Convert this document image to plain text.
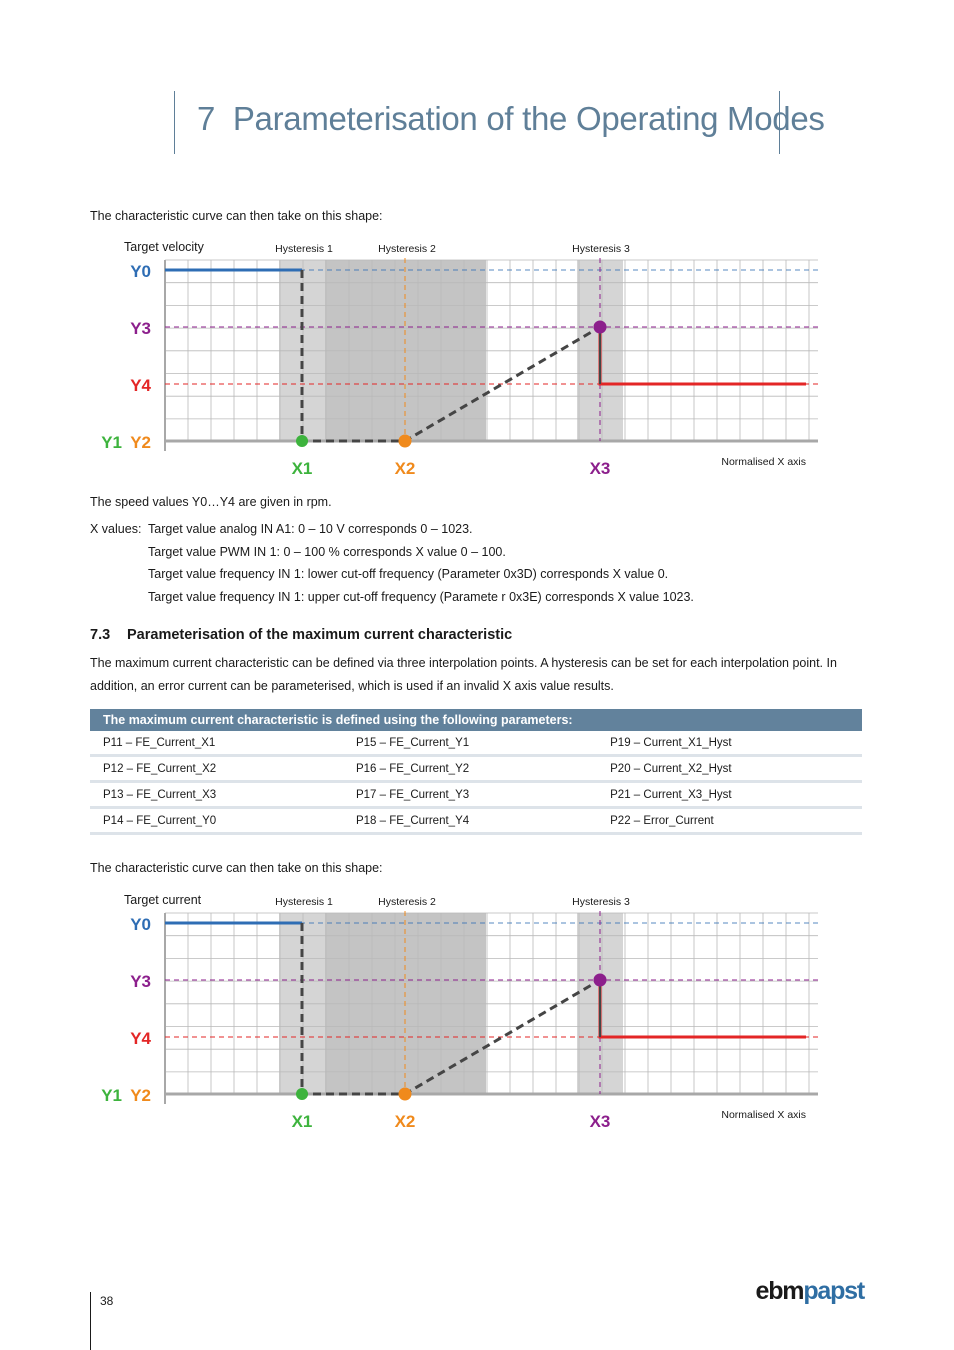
7 Parameterisation of the Operating Modes
The characteristic curve can then take on this shape:
Target velocity	Hysteresis 1	Hysteresis 2	Hysteresis 3
Y0
Y3
Y4
Y1 Y2
X1	X2	X3	Normalised X axis
The speed values Y0…Y4 are given in rpm.
X values: Target value analog IN A1: 0 – 10 V corresponds 0 – 1023.
Target value PWM IN 1: 0 – 100 % corresponds X value 0 – 100.
Target value frequency IN 1: lower cut-off frequency (Parameter 0x3D) corresponds X value 0.
Target value frequency IN 1: upper cut-off frequency (Paramete r 0x3E) corresponds X value 1023.
7.3 Parameterisation of the maximum current characteristic
The maximum current characteristic can be defined via three interpolation points. A hysteresis can be set for each interpolation point. In addition, an error current can be parameterised, which is used if an invalid X axis value results.
The maximum current characteristic is defined using the following parameters:		
P11 – FE_Current_X1	P15 – FE_Current_Y1	P19 – Current_X1_Hyst
P12 – FE_Current_X2	P16 – FE_Current_Y2	P20 – Current_X2_Hyst
P13 – FE_Current_X3	P17 – FE_Current_Y3	P21 – Current_X3_Hyst
P14 – FE_Current_Y0	P18 – FE_Current_Y4	P22 – Error_Current
The characteristic curve can then take on this shape:
Target current	Hysteresis 1	Hysteresis 2	Hysteresis 3
Y0
Y3
Y4
Y1 Y2
X1	X2	X3	Normalised X axis
38	ebmpapst
